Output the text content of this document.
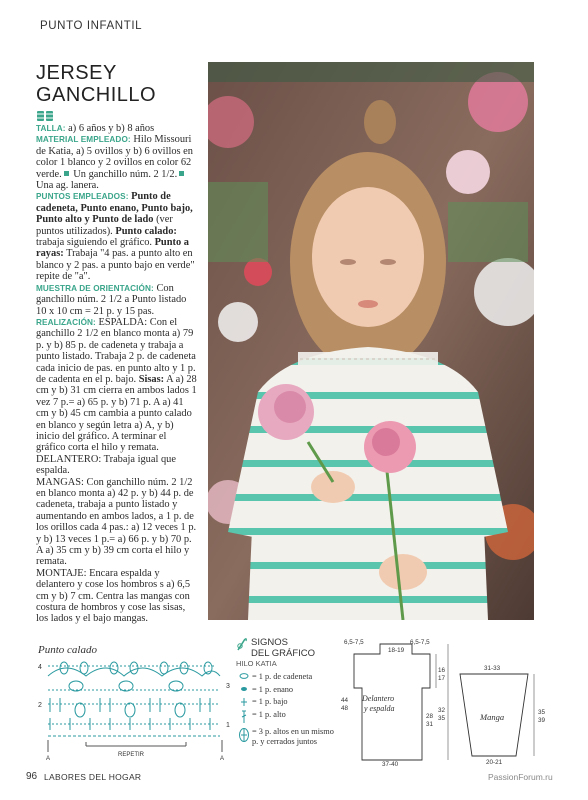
PUNTO INFANTIL
JERSEY GANCHILLO

TALLA: a) 6 años y b) 8 años

MATERIAL EMPLEADO: Hilo Missouri de Katia, a) 5 ovillos y b) 6 ovillos en color 1 blanco y 2 ovillos en color 62 verde. Un ganchillo núm. 2 1/2. Una ag. lanera.

PUNTOS EMPLEADOS: Punto de cadeneta, Punto enano, Punto bajo, Punto alto y Punto de lado (ver puntos utilizados). Punto calado: trabaja siguiendo el gráfico. Punto a rayas: Trabaja "4 pas. a punto alto en blanco y 2 pas. a punto bajo en verde" repite de "a".

MUESTRA DE ORIENTACIÓN: Con ganchillo núm. 2 1/2 a Punto listado 10 x 10 cm = 21 p. y 15 pas.

REALIZACIÓN: ESPALDA: Con el ganchillo 2 1/2 en blanco monta a) 79 p. y b) 85 p. de cadeneta y trabaja a punto listado. Trabaja 2 p. de cadeneta cada inicio de pas. en punto alto y 1 p. de cadenta en el p. bajo. Sisas: A a) 28 cm y b) 31 cm cierra en ambos lados 1 vez 7 p.= a) 65 p. y b) 71 p. A a) 41 cm y b) 45 cm cambia a punto calado en blanco y según letra a) A, y b) inicio del gráfico. A terminar el gráfico corta el hilo y remata.

DELANTERO: Trabaja igual que espalda.

MANGAS: Con ganchillo núm. 2 1/2 en blanco monta a) 42 p. y b) 44 p. de cadeneta, trabaja a punto listado y aumentando en ambos lados, a 1 p. de los orillos cada 4 pas.: a) 12 veces 1 p. y b) 13 veces 1 p.= a) 66 p. y b) 70 p. A a) 35 cm y b) 39 cm corta el hilo y remata.

MONTAJE: Encara espalda y delantero y cose los hombros s a) 6,5 cm y b) 7 cm. Centra las mangas con costura de hombros y cose las sisas, los lados y el bajo mangas.

Punto calado
4
2
3
1
REPETIR
A	A
SIGNOS
DEL GRÁFICO
HILO KATIA
= 1 p. de cadeneta
= 1 p. enano
= 1 p. bajo
= 1 p. alto
= 3 p. altos en un mismo p. y cerrados juntos
Delantero
y espalda
6,5-7,5
18-19
6,5-7,5
16
17
28
31
32
35
44
48
37-40
Manga
31-33
20-21
35
39
96 LABORES DEL HOGAR	PassionForum.ru
